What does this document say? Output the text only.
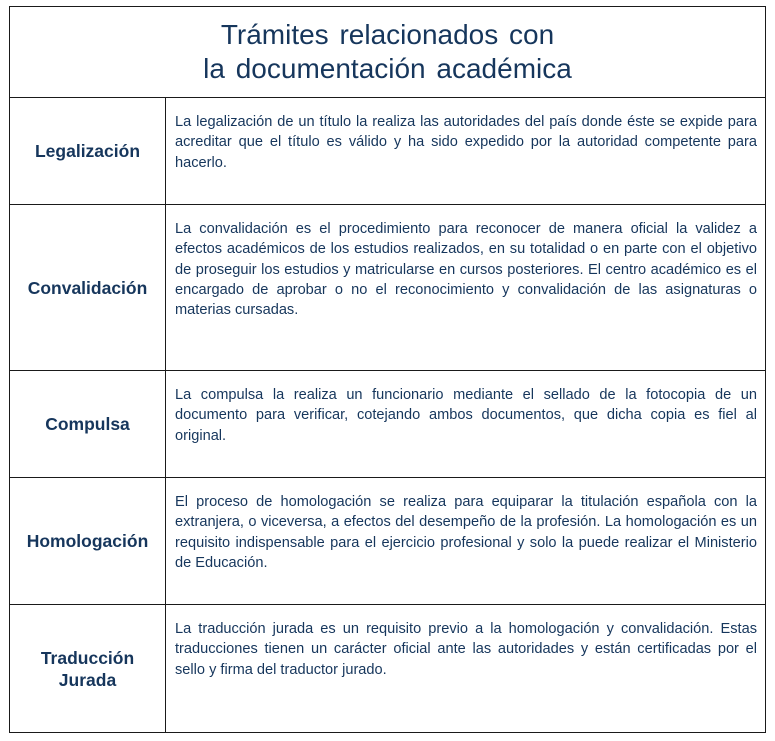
Trámites relacionados con
la documentación académica	

Legalización	La legalización de un título la realiza las autoridades del país donde éste se expide para acreditar que el título es válido y ha sido expedido por la autoridad competente para hacerlo.
Convalidación	La convalidación es el procedimiento para reconocer de manera oficial la validez a efectos académicos de los estudios realizados, en su totalidad o en parte con el objetivo de proseguir los estudios y matricularse en cursos posteriores. El centro académico es el encargado de aprobar o no el reconocimiento y convalidación de las asignaturas o materias cursadas.
Compulsa	La compulsa la realiza un funcionario mediante el sellado de la fotocopia de un documento para verificar, cotejando ambos documentos, que dicha copia es fiel al original.
Homologación	El proceso de homologación se realiza para equiparar la titulación española con la extranjera, o viceversa, a efectos del desempeño de la profesión. La homologación es un requisito indispensable para el ejercicio profesional y solo la puede realizar el Ministerio de Educación.
Traducción Jurada	La traducción jurada es un requisito previo a la homologación y convalidación. Estas traducciones tienen un carácter oficial ante las autoridades y están certificadas por el sello y firma del traductor jurado.
